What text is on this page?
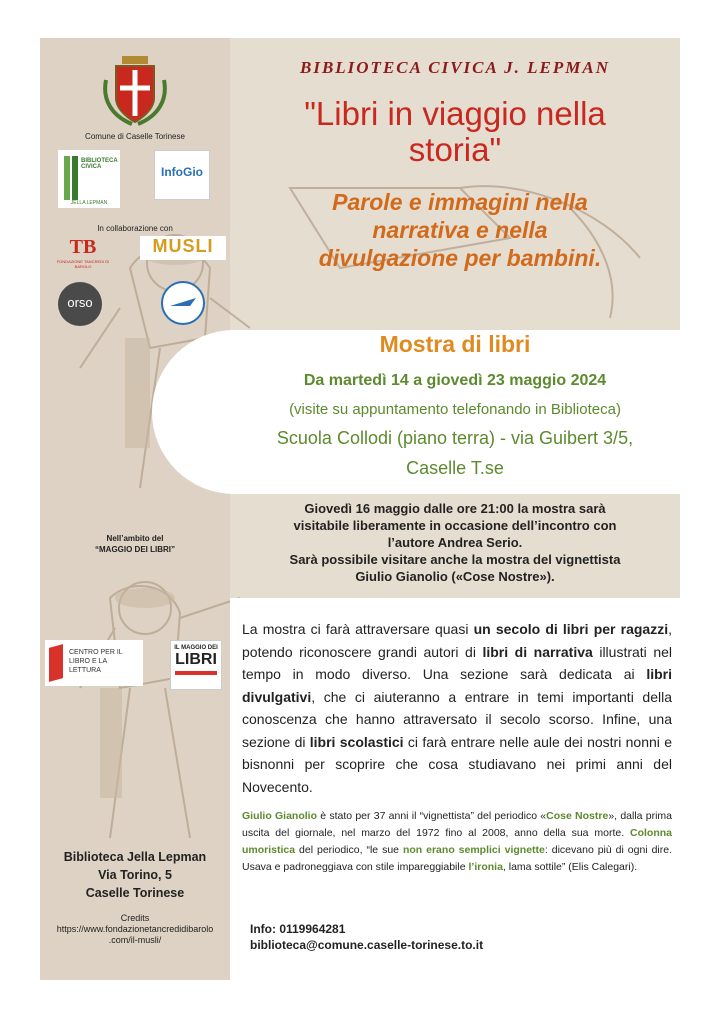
Comune di Caselle Torinese
BIBLIOTECA CIVICA
JELLA LEPMAN
InfoGio
In collaborazione con
TB
FONDAZIONE TANCREDI DI BAROLO
MUSLI
orso
Nell’ambito del
“MAGGIO DEI LIBRI”
CENTRO PER IL LIBRO E LA LETTURA
IL MAGGIO DEI
LIBRI
Biblioteca Jella Lepman
Via Torino, 5
Caselle Torinese
Credits
https://www.fondazionetancredidibarolo
.com/il-musli/
BIBLIOTECA CIVICA J. LEPMAN
"Libri in viaggio nella
storia"
Parole e immagini nella
narrativa e nella
divulgazione per bambini.
Mostra di libri
Da martedì 14 a giovedì 23 maggio 2024
(visite su appuntamento telefonando in Biblioteca)
Scuola Collodi (piano terra) - via Guibert 3/5,
Caselle T.se
Giovedì 16 maggio dalle ore 21:00 la mostra sarà
visitabile liberamente in occasione dell’incontro con
l’autore Andrea Serio.
Sarà possibile visitare anche la mostra del vignettista
Giulio Gianolio («Cose Nostre»).
La mostra ci farà attraversare quasi un secolo di libri per ragazzi, potendo riconoscere grandi autori di libri di narrativa illustrati nel tempo in modo diverso. Una sezione sarà dedicata ai libri divulgativi, che ci aiuteranno a entrare in temi importanti della conoscenza che hanno attraversato il secolo scorso. Infine, una sezione di libri scolastici ci farà entrare nelle aule dei nostri nonni e bisnonni per scoprire che cosa studiavano nei primi anni del Novecento.
Giulio Gianolio è stato per 37 anni il “vignettista” del periodico «Cose Nostre», dalla prima uscita del giornale, nel marzo del 1972 fino al 2008, anno della sua morte. Colonna umoristica del periodico, “le sue non erano semplici vignette: dicevano più di ogni dire. Usava e padroneggiava con stile impareggiabile l’ironia, lama sottile” (Elis Calegari).
Info: 0119964281
biblioteca@comune.caselle-torinese.to.it
